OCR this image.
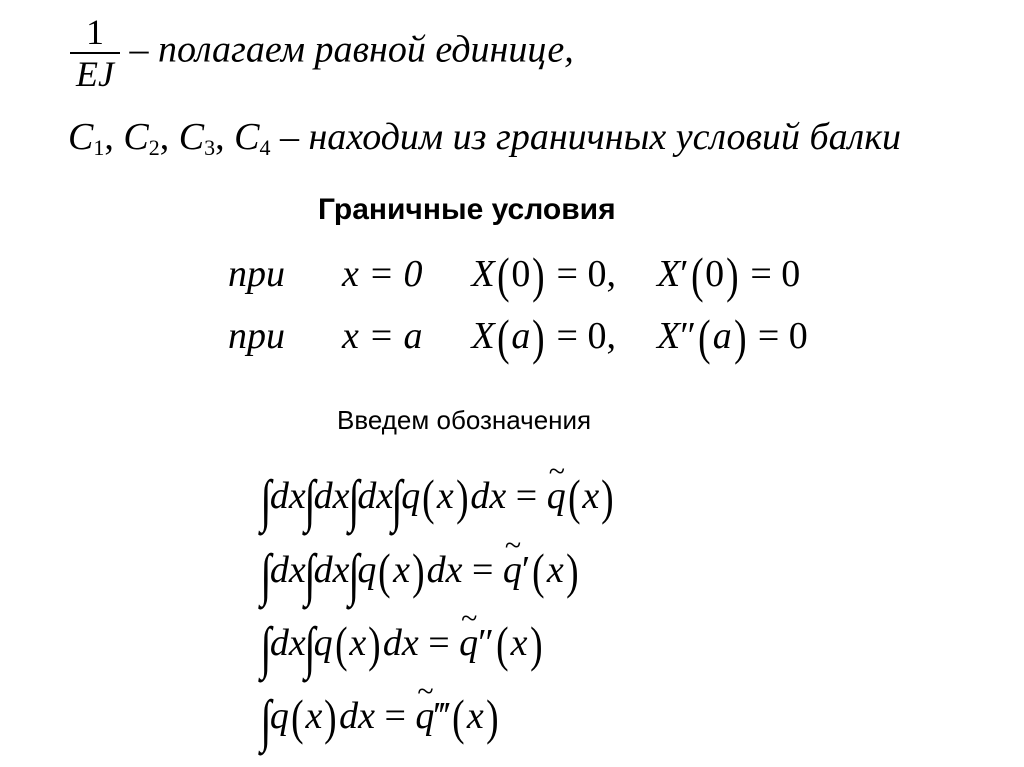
$\frac{1}{EJ}$ – полагаем равной единице,
$C_1$, $C_2$, $C_3$, $C_4$ – находим из граничных условий балки
Граничные условия
при x = 0 X(0) = 0, X′(0) = 0
при x = a X(a) = 0, X″(a) = 0
Введем обозначения
∫dx∫dx∫dx∫q(x)dx = ~ q(x)
∫dx∫dx∫q(x)dx = ~ q′(x)
∫dx∫q(x)dx = ~ q″(x)
∫q(x)dx = ~ q‴(x)
